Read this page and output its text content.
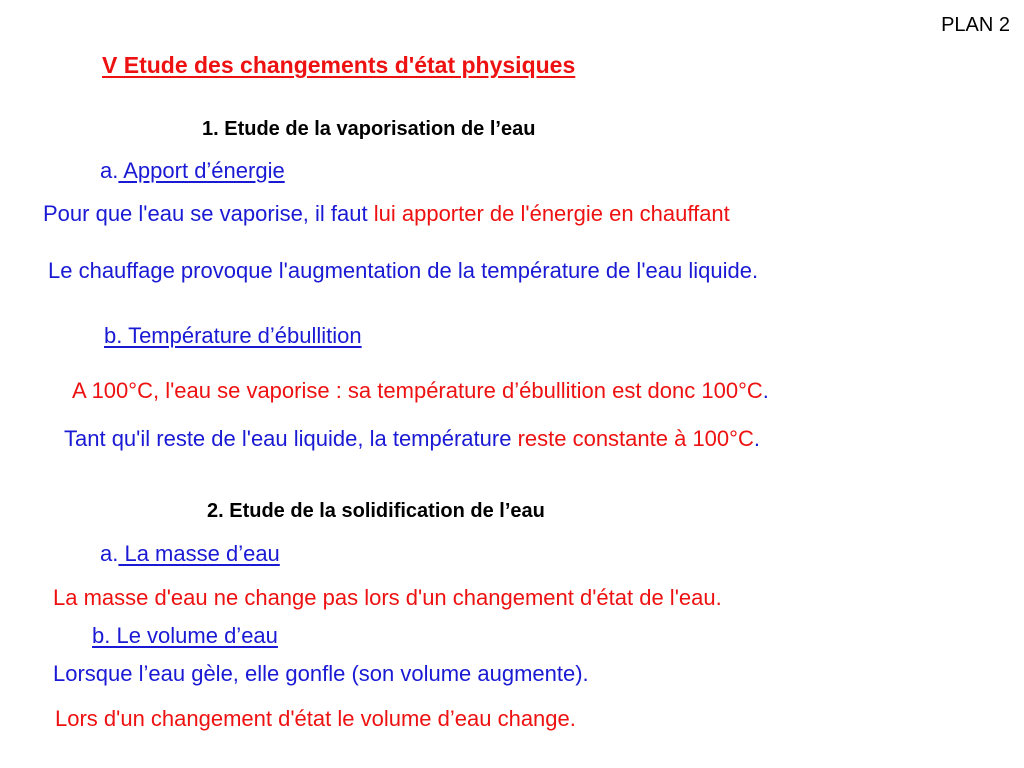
PLAN 2
V Etude des changements d'état physiques
1. Etude de la vaporisation de l’eau
a. Apport d’énergie
Pour que l'eau se vaporise, il faut lui apporter de l'énergie en chauffant
Le chauffage provoque l'augmentation de la température de l'eau liquide.
b. Température d’ébullition
A 100°C, l'eau se vaporise : sa température d’ébullition est donc 100°C.
Tant qu'il reste de l'eau liquide, la température reste constante à 100°C.
2. Etude de la solidification de l’eau
a. La masse d’eau
La masse d'eau ne change pas lors d'un changement d'état de l'eau.
b. Le volume d’eau
Lorsque l’eau gèle, elle gonfle (son volume augmente).
Lors d'un changement d'état le volume d’eau change.
